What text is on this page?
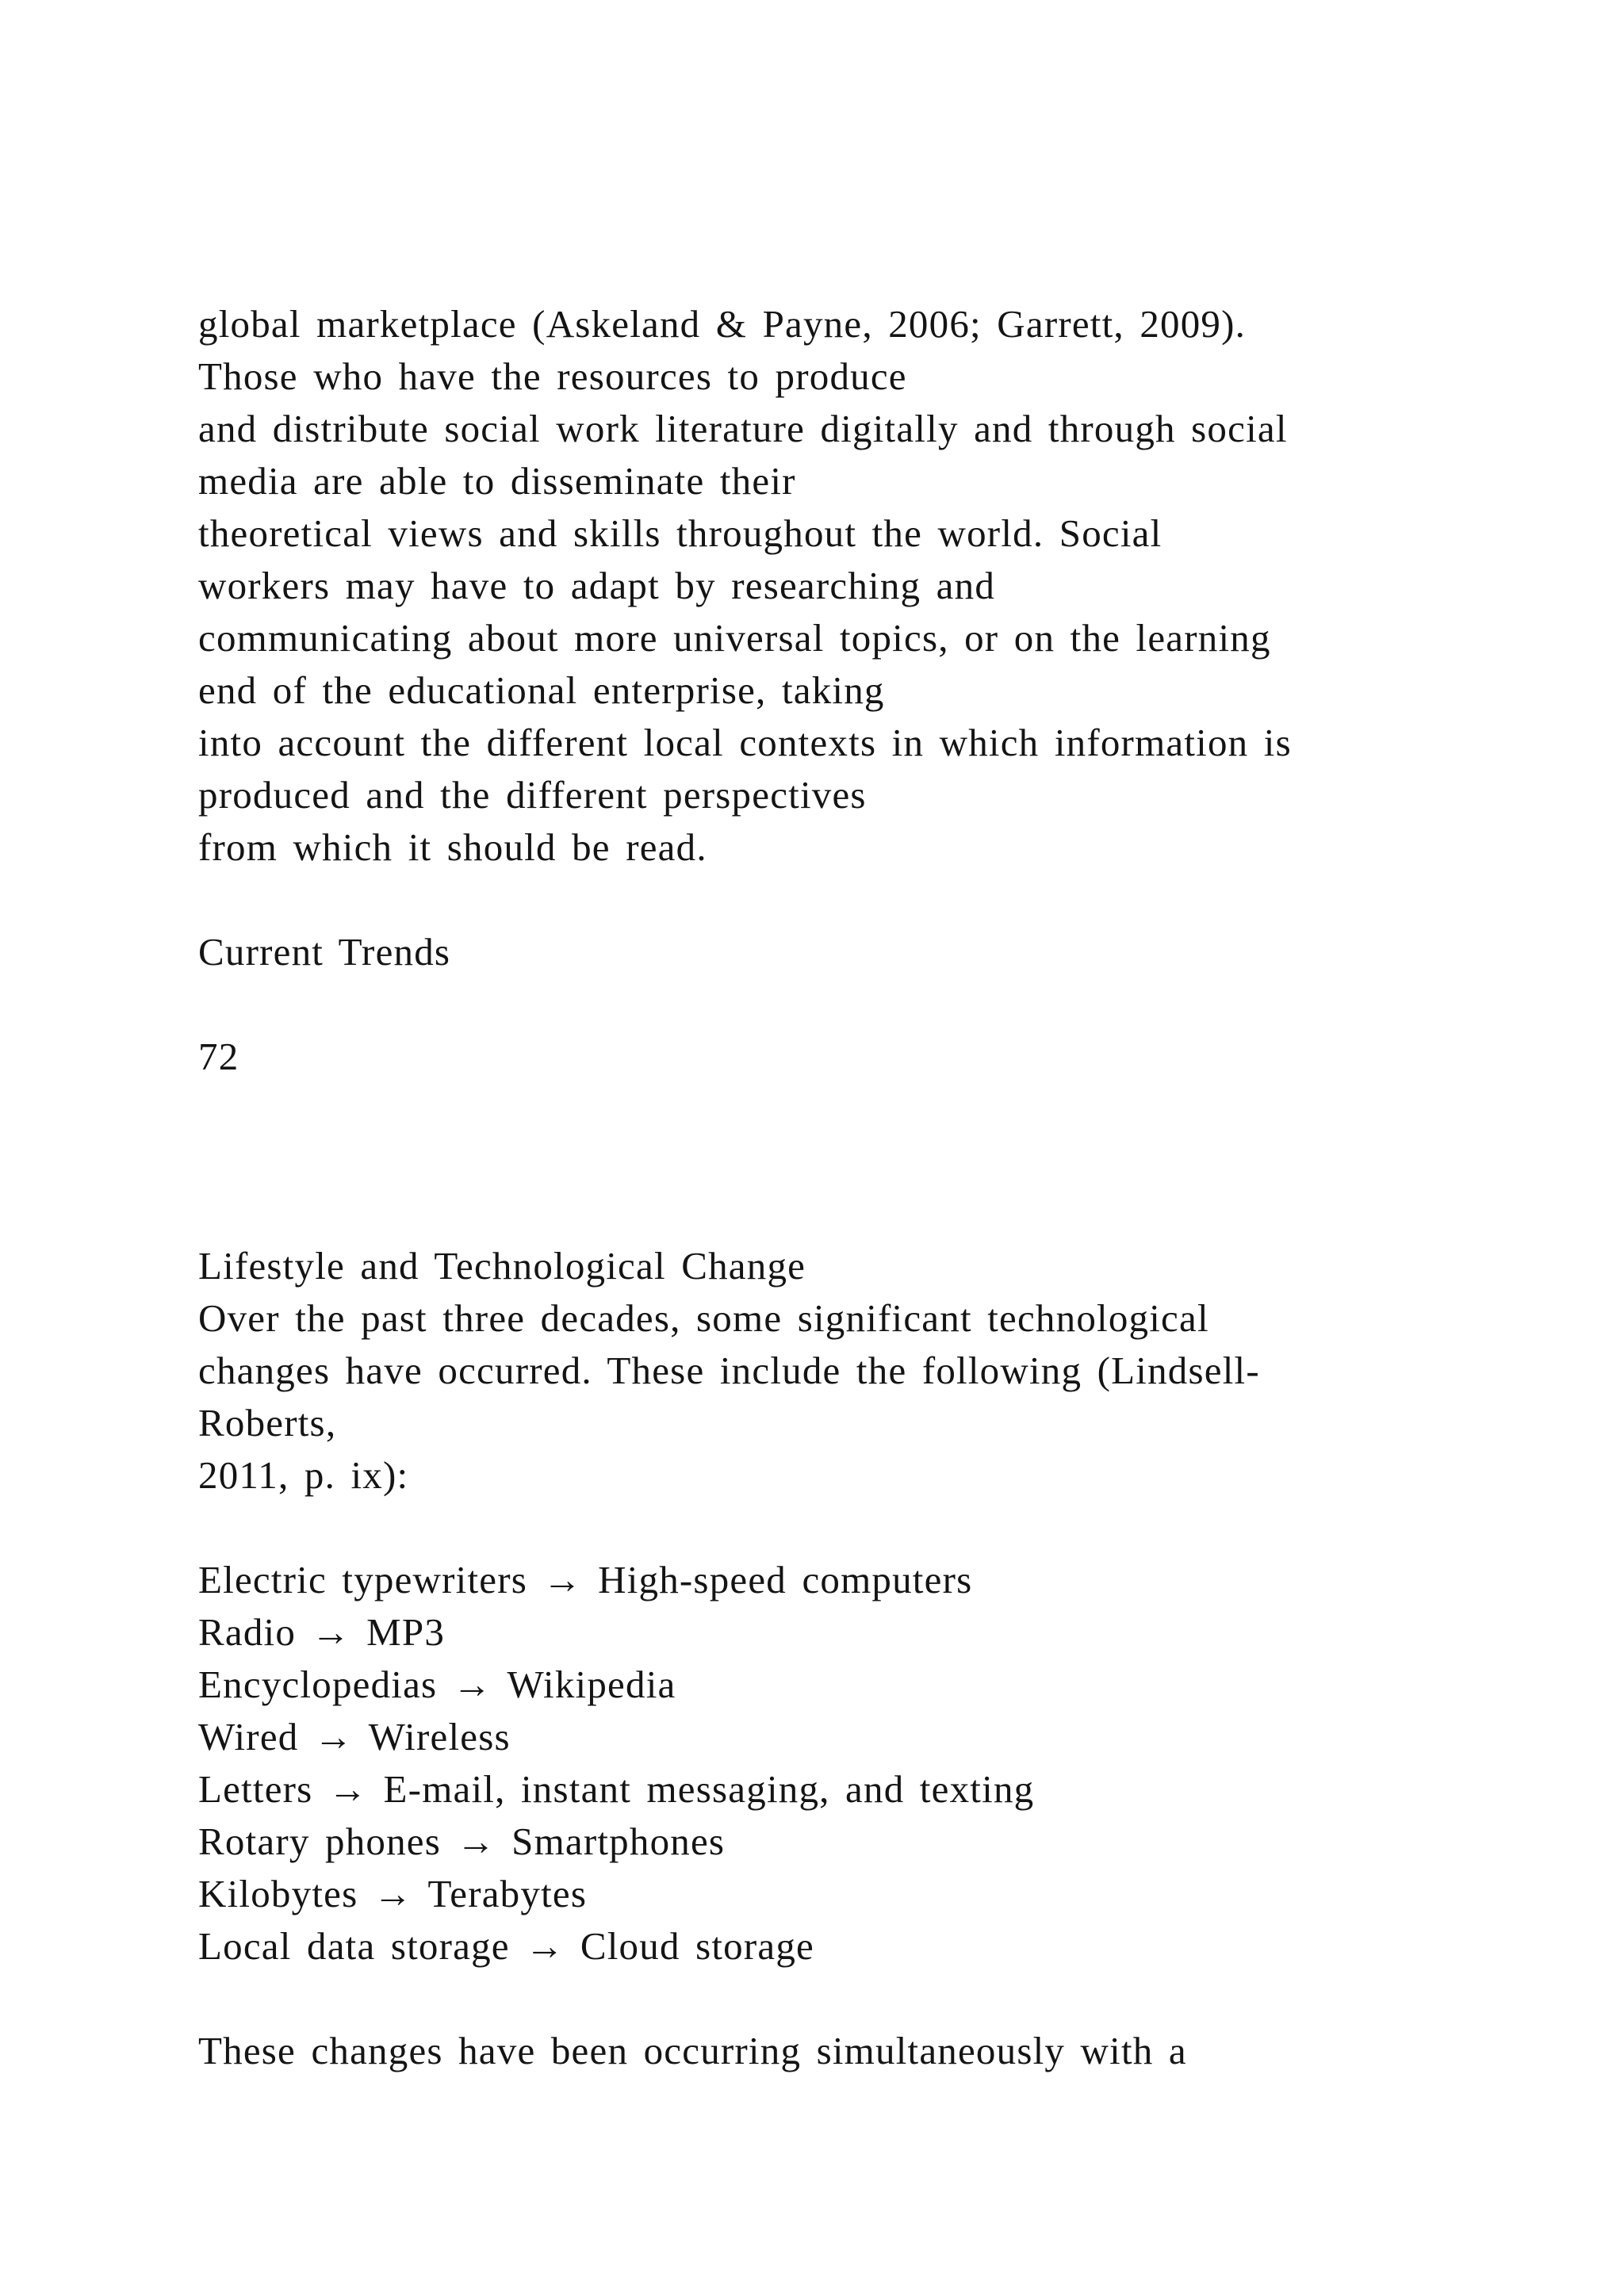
global marketplace (Askeland & Payne, 2006; Garrett, 2009).
Those who have the resources to produce
and distribute social work literature digitally and through social
media are able to disseminate their
theoretical views and skills throughout the world. Social
workers may have to adapt by researching and
communicating about more universal topics, or on the learning
end of the educational enterprise, taking
into account the different local contexts in which information is
produced and the different perspectives
from which it should be read.
Current Trends
72
Lifestyle and Technological Change
Over the past three decades, some significant technological
changes have occurred. These include the following (Lindsell-
Roberts,
2011, p. ix):
Electric typewriters → High-speed computers
Radio → MP3
Encyclopedias → Wikipedia
Wired → Wireless
Letters → E-mail, instant messaging, and texting
Rotary phones → Smartphones
Kilobytes → Terabytes
Local data storage → Cloud storage
These changes have been occurring simultaneously with a
